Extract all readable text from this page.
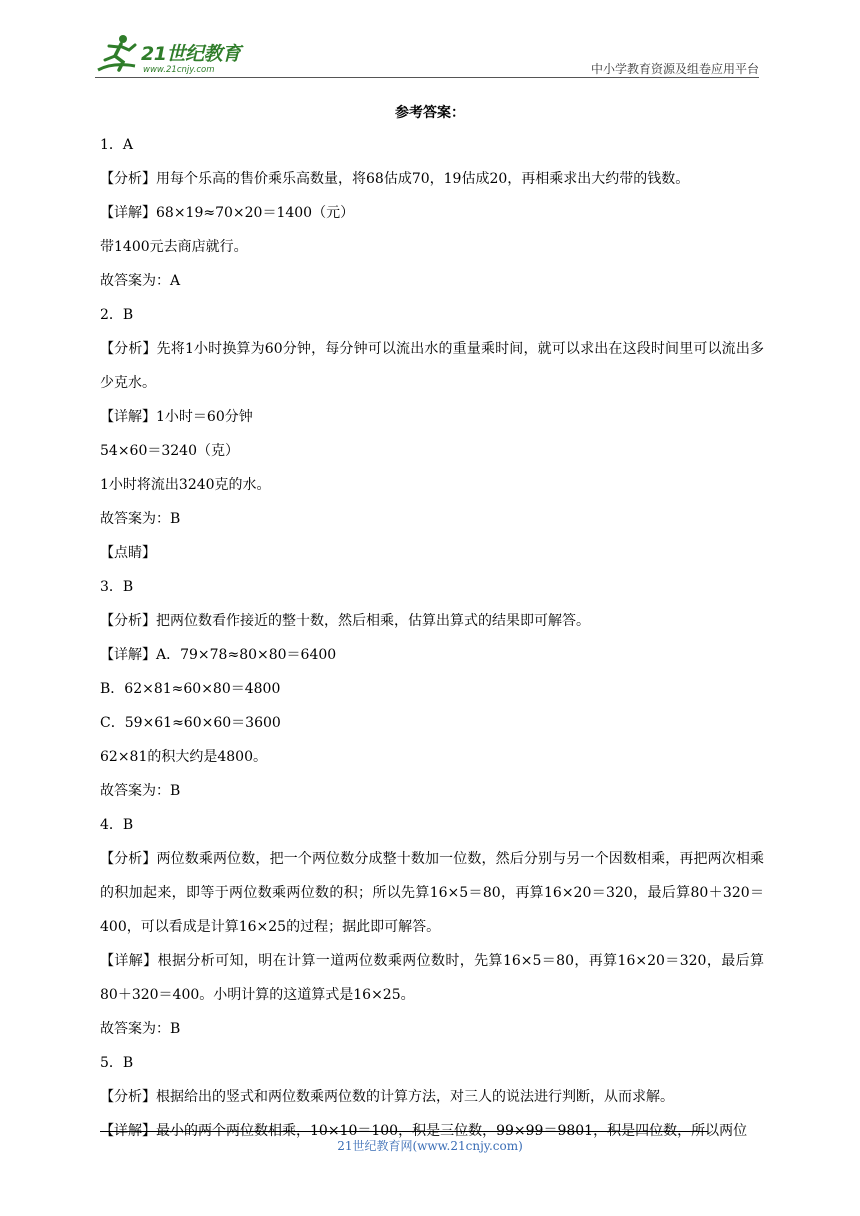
21世纪教育
www.21cnjy.com	中小学教育资源及组卷应用平台
参考答案：

1．A

【分析】用每个乐高的售价乘乐高数量，将68估成70，19估成20，再相乘求出大约带的钱数。

【详解】68×19≈70×20＝1400（元）

带1400元去商店就行。

故答案为：A

2．B

【分析】先将1小时换算为60分钟，每分钟可以流出水的重量乘时间，就可以求出在这段时间里可以流出多少克水。

【详解】1小时＝60分钟

54×60＝3240（克）

1小时将流出3240克的水。

故答案为：B

【点睛】

3．B

【分析】把两位数看作接近的整十数，然后相乘，估算出算式的结果即可解答。

【详解】A．79×78≈80×80＝6400

B．62×81≈60×80＝4800

C．59×61≈60×60＝3600

62×81的积大约是4800。

故答案为：B

4．B

【分析】两位数乘两位数，把一个两位数分成整十数加一位数，然后分别与另一个因数相乘，再把两次相乘的积加起来，即等于两位数乘两位数的积；所以先算16×5＝80，再算16×20＝320，最后算80＋320＝400，可以看成是计算16×25的过程；据此即可解答。

【详解】根据分析可知，明在计算一道两位数乘两位数时，先算16×5＝80，再算16×20＝320，最后算80＋320＝400。小明计算的这道算式是16×25。

故答案为：B

5．B

【分析】根据给出的竖式和两位数乘两位数的计算方法，对三人的说法进行判断，从而求解。

【详解】最小的两个两位数相乘，10×10＝100，积是三位数，99×99＝9801，积是四位数，所以两位

21世纪教育网(www.21cnjy.com)
